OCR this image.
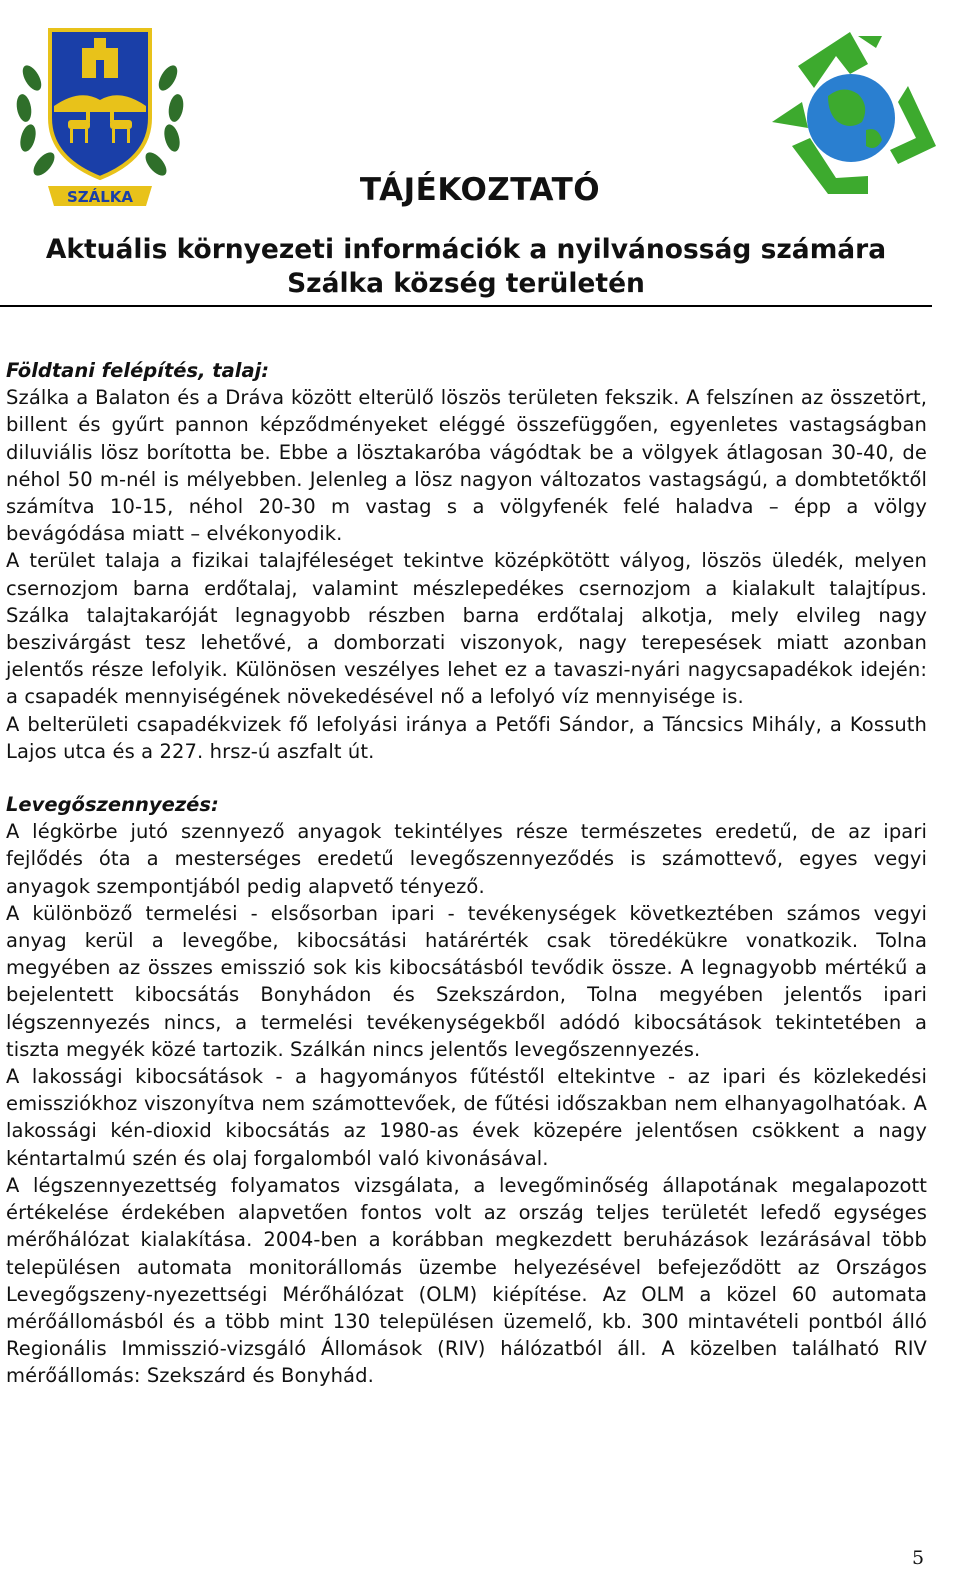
SZÁLKA	TÁJÉKOZTATÓ
Aktuális környezeti információk a nyilvánosság számára
Szálka község területén

Földtani felépítés, talaj:

Szálka a Balaton és a Dráva között elterülő löszös területen fekszik. A felszínen az összetört, billent és gyűrt pannon képződményeket eléggé összefüggően, egyenletes vastagságban diluviális lösz borította be. Ebbe a lösztakaróba vágódtak be a völgyek átlagosan 30-40, de néhol 50 m-nél is mélyebben. Jelenleg a lösz nagyon változatos vastagságú, a dombtetőktől számítva 10-15, néhol 20-30 m vastag s a völgyfenék felé haladva – épp a völgy bevágódása miatt – elvékonyodik.

A terület talaja a fizikai talajféleséget tekintve középkötött vályog, löszös üledék, melyen csernozjom barna erdőtalaj, valamint mészlepedékes csernozjom a kialakult talajtípus. Szálka talajtakaróját legnagyobb részben barna erdőtalaj alkotja, mely elvileg nagy beszivárgást tesz lehetővé, a domborzati viszonyok, nagy terepesések miatt azonban jelentős része lefolyik. Különösen veszélyes lehet ez a tavaszi-nyári nagycsapadékok idején: a csapadék mennyiségének növekedésével nő a lefolyó víz mennyisége is.

A belterületi csapadékvizek fő lefolyási iránya a Petőfi Sándor, a Táncsics Mihály, a Kossuth Lajos utca és a 227. hrsz-ú aszfalt út.

Levegőszennyezés:

A légkörbe jutó szennyező anyagok tekintélyes része természetes eredetű, de az ipari fejlődés óta a mesterséges eredetű levegőszennyeződés is számottevő, egyes vegyi anyagok szempontjából pedig alapvető tényező.

A különböző termelési - elsősorban ipari - tevékenységek következtében számos vegyi anyag kerül a levegőbe, kibocsátási határérték csak töredékükre vonatkozik. Tolna megyében az összes emisszió sok kis kibocsátásból tevődik össze. A legnagyobb mértékű a bejelentett kibocsátás Bonyhádon és Szekszárdon, Tolna megyében jelentős ipari légszennyezés nincs, a termelési tevékenységekből adódó kibocsátások tekintetében a tiszta megyék közé tartozik. Szálkán nincs jelentős levegőszennyezés.

A lakossági kibocsátások - a hagyományos fűtéstől eltekintve - az ipari és közlekedési emissziókhoz viszonyítva nem számottevőek, de fűtési időszakban nem elhanyagolhatóak. A lakossági kén-dioxid kibocsátás az 1980-as évek közepére jelentősen csökkent a nagy kéntartalmú szén és olaj forgalomból való kivonásával.

A légszennyezettség folyamatos vizsgálata, a levegőminőség állapotának megalapozott értékelése érdekében alapvetően fontos volt az ország teljes területét lefedő egységes mérőhálózat kialakítása. 2004-ben a korábban megkezdett beruházások lezárásával több településen automata monitorállomás üzembe helyezésével befejeződött az Országos Levegőgszeny-nyezettségi Mérőhálózat (OLM) kiépítése. Az OLM a közel 60 automata mérőállomásból és a több mint 130 településen üzemelő, kb. 300 mintavételi pontból álló Regionális Immisszió-vizsgáló Állomások (RIV) hálózatból áll. A közelben található RIV mérőállomás: Szekszárd és Bonyhád.

5
